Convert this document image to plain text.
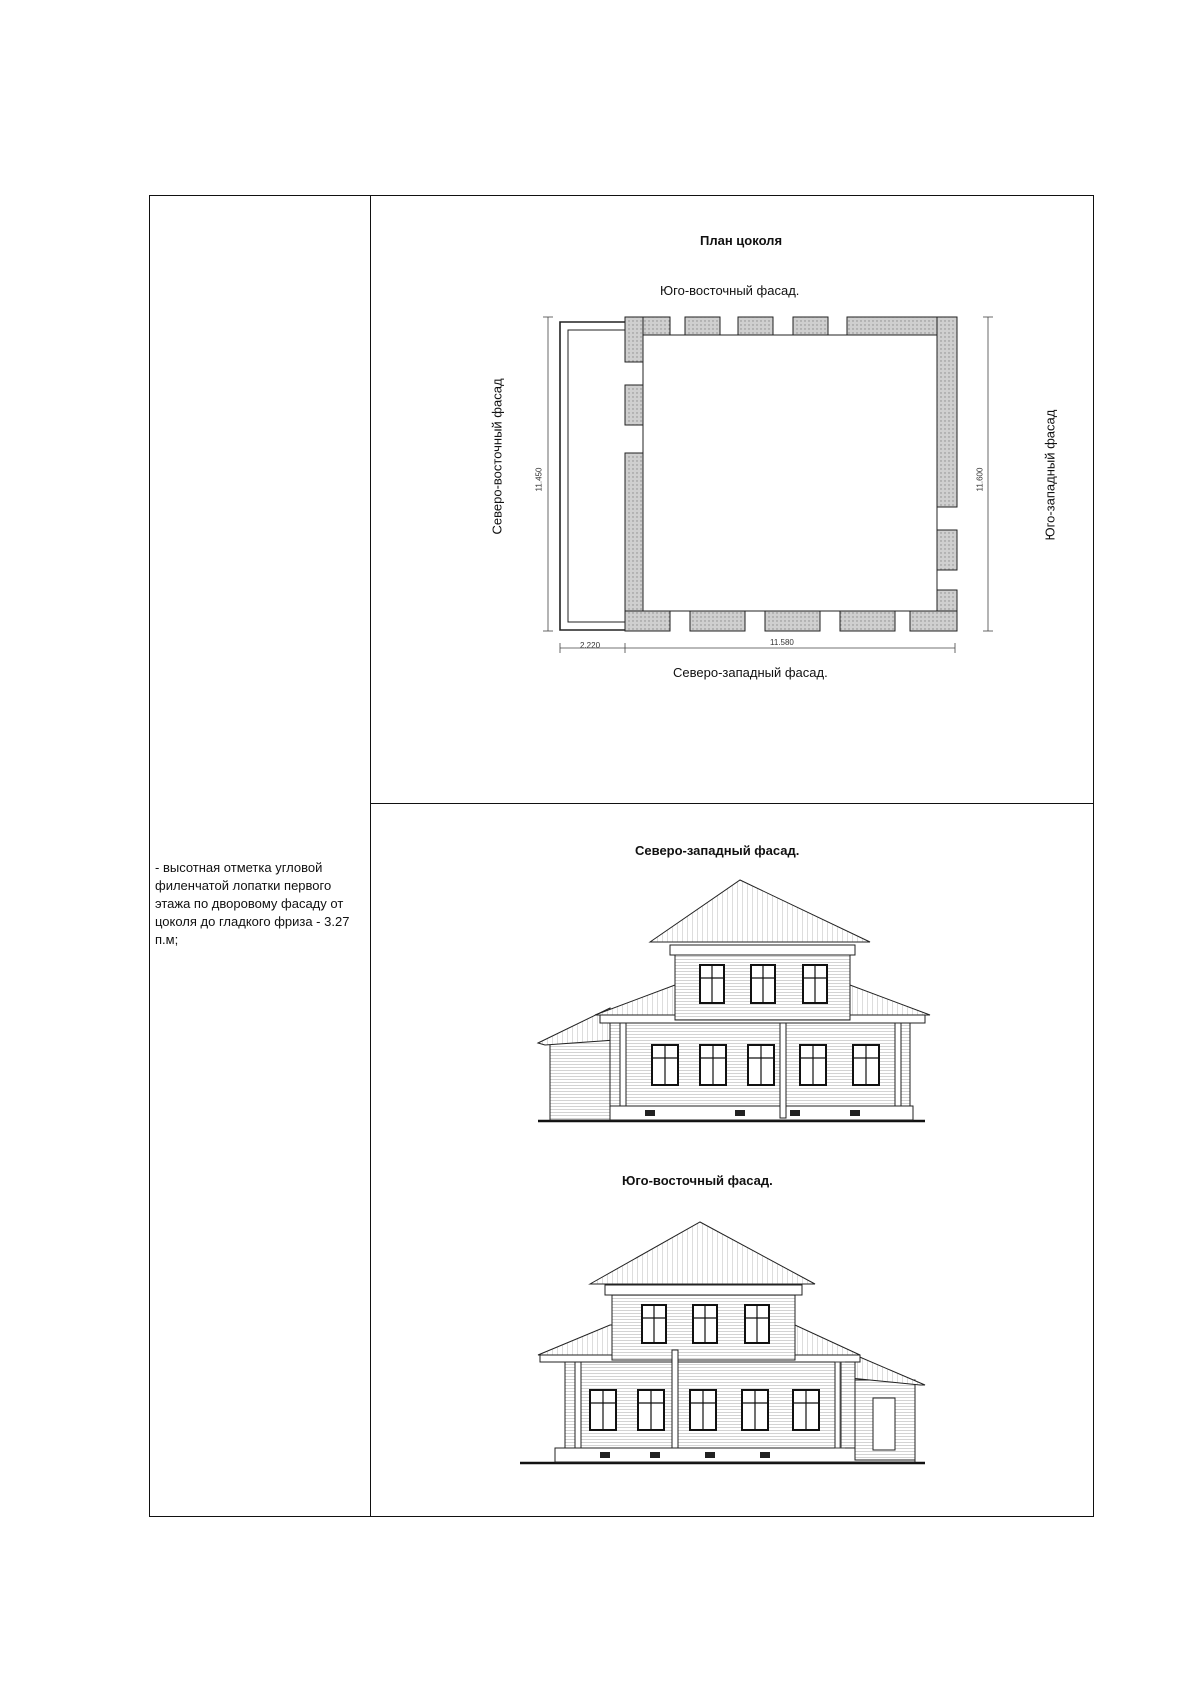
- высотная отметка угловой филенчатой лопатки первого этажа по дворовому фасаду от цоколя до гладкого фриза - 3.27 п.м;
План цоколя
Юго-восточный фасад.
Северо-западный фасад.
Северо-восточный фасад	Юго-западный фасад
2.220	11.580
11.450	11.600
Северо-западный фасад.
Юго-восточный фасад.
